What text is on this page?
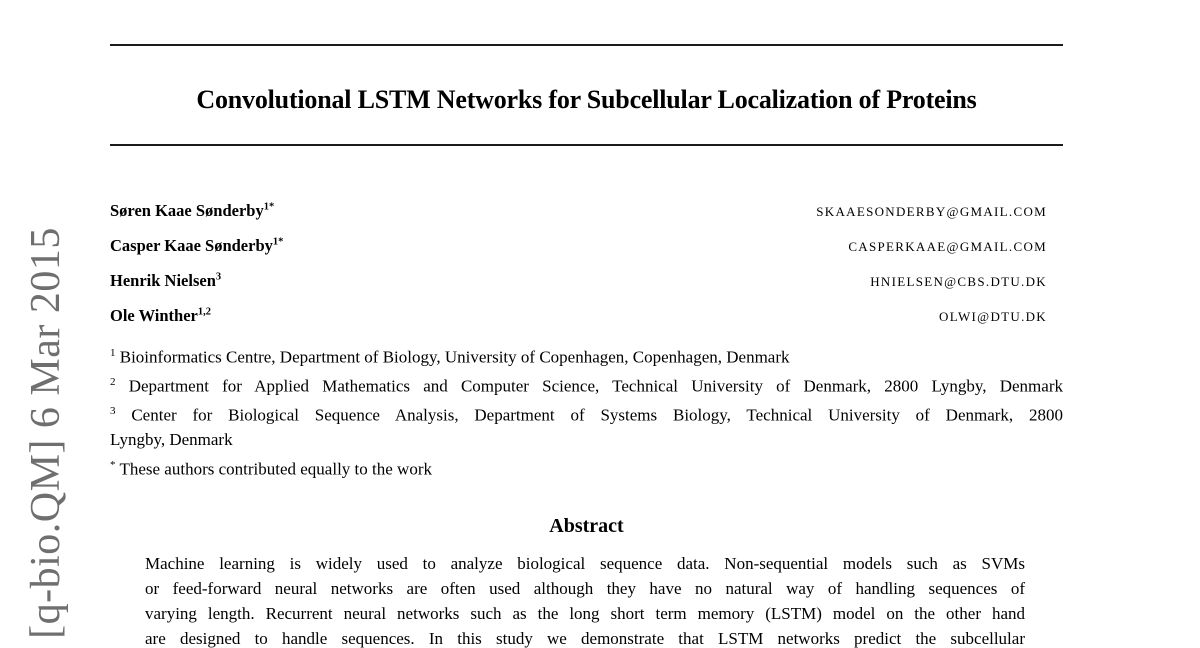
[q-bio.QM] 6 Mar 2015
Convolutional LSTM Networks for Subcellular Localization of Proteins
Søren Kaae Sønderby$^{1*}$	SKAAESONDERBY@GMAIL.COM
Casper Kaae Sønderby$^{1*}$	CASPERKAAE@GMAIL.COM
Henrik Nielsen$^3$	HNIELSEN@CBS.DTU.DK
Ole Winther$^{1,2}$	OLWI@DTU.DK
$^1$ Bioinformatics Centre, Department of Biology, University of Copenhagen, Copenhagen, Denmark
$^2$ Department for Applied Mathematics and Computer Science, Technical University of Denmark, 2800 Lyngby, Denmark
$^3$ Center for Biological Sequence Analysis, Department of Systems Biology, Technical University of Denmark, 2800
Lyngby, Denmark
* These authors contributed equally to the work
Abstract
Machine learning is widely used to analyze biological sequence data. Non-sequential models such as SVMs
or feed-forward neural networks are often used although they have no natural way of handling sequences of
varying length. Recurrent neural networks such as the long short term memory (LSTM) model on the other hand
are designed to handle sequences. In this study we demonstrate that LSTM networks predict the subcellular
